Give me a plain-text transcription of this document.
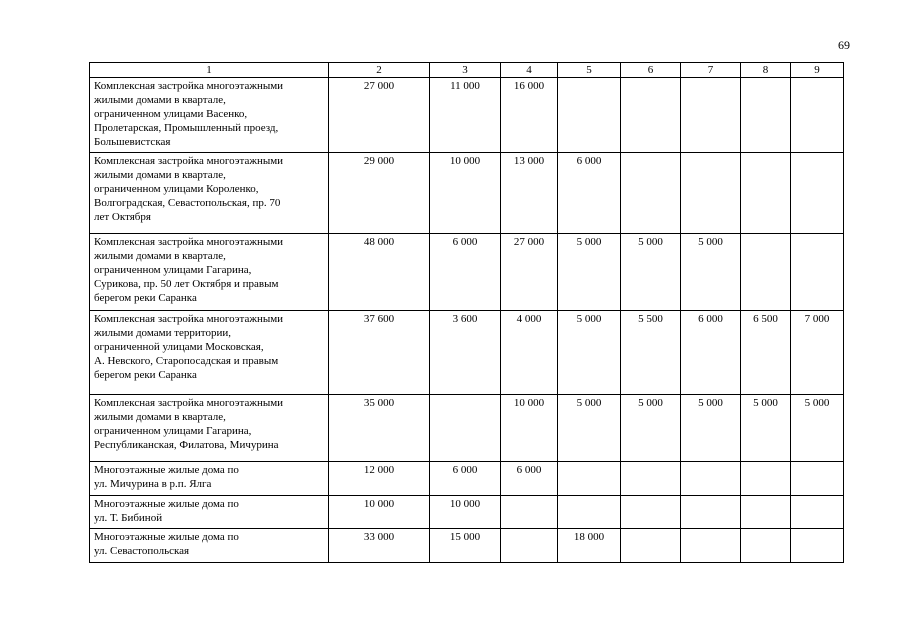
69
1	2	3	4	5	6	7	8	9

Комплексная застройка многоэтажными
жилыми домами в квартале,
ограниченном улицами Васенко,
Пролетарская, Промышленный проезд,
Большевистская	27 000	11 000	16 000					

Комплексная застройка многоэтажными
жилыми домами в квартале,
ограниченном улицами Короленко,
Волгоградская, Севастопольская, пр. 70
лет Октября	29 000	10 000	13 000	6 000				

Комплексная застройка многоэтажными
жилыми домами в квартале,
ограниченном улицами Гагарина,
Сурикова, пр. 50 лет Октября и правым
берегом реки Саранка	48 000	6 000	27 000	5 000	5 000	5 000		

Комплексная застройка многоэтажными
жилыми домами территории,
ограниченной улицами Московская,
А. Невского, Старопосадская и правым
берегом реки Саранка	37 600	3 600	4 000	5 000	5 500	6 000	6 500	7 000

Комплексная застройка многоэтажными
жилыми домами в квартале,
ограниченном улицами Гагарина,
Республиканская, Филатова, Мичурина	35 000		10 000	5 000	5 000	5 000	5 000	5 000

Многоэтажные жилые дома по
ул. Мичурина в р.п. Ялга	12 000	6 000	6 000					

Многоэтажные жилые дома по
ул. Т. Бибиной	10 000	10 000						

Многоэтажные жилые дома по
ул. Севастопольская	33 000	15 000		18 000				
